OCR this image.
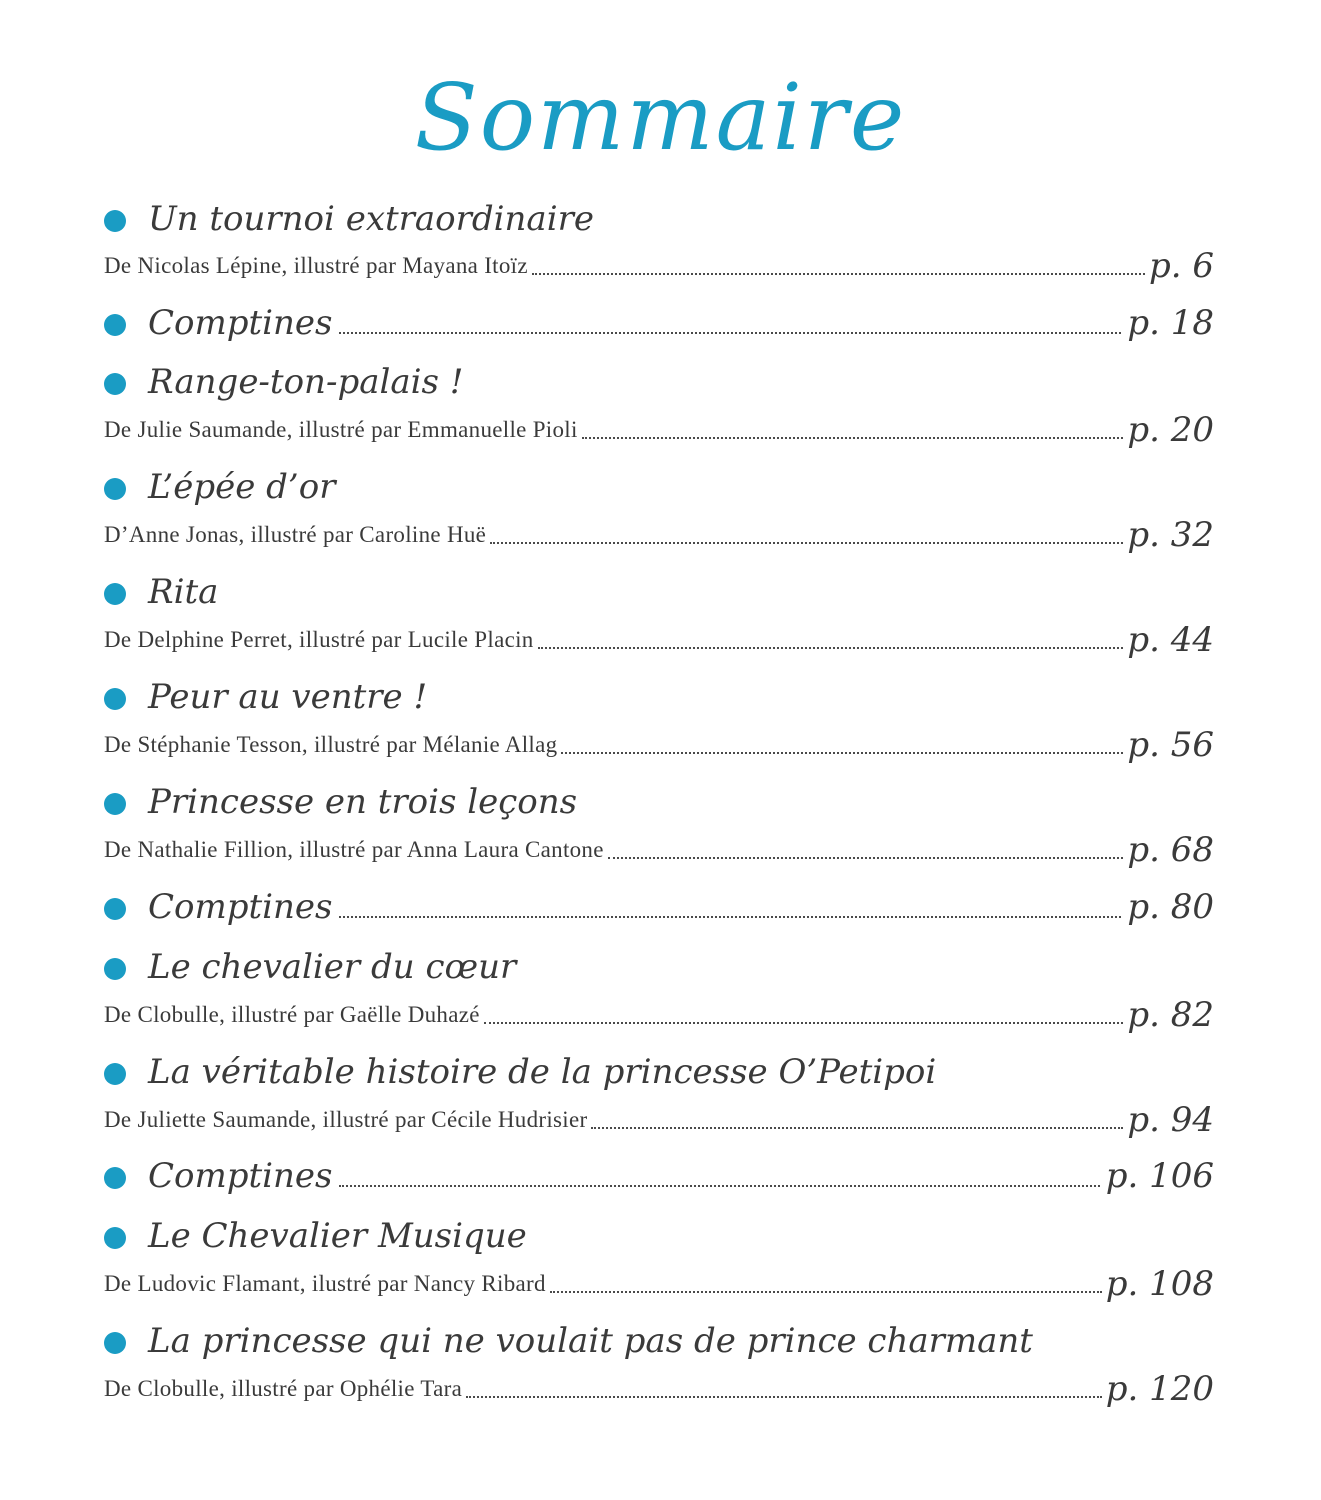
Sommaire
Un tournoi extraordinaire
De Nicolas Lépine, illustré par Mayana Itoïz	p. 6
Comptines	p. 18
Range-ton-palais !
De Julie Saumande, illustré par Emmanuelle Pioli	p. 20
L’épée d’or
D’Anne Jonas, illustré par Caroline Huë	p. 32
Rita
De Delphine Perret, illustré par Lucile Placin	p. 44
Peur au ventre !
De Stéphanie Tesson, illustré par Mélanie Allag	p. 56
Princesse en trois leçons
De Nathalie Fillion, illustré par Anna Laura Cantone	p. 68
Comptines	p. 80
Le chevalier du cœur
De Clobulle, illustré par Gaëlle Duhazé	p. 82
La véritable histoire de la princesse O’Petipoi
De Juliette Saumande, illustré par Cécile Hudrisier	p. 94
Comptines	p. 106
Le Chevalier Musique
De Ludovic Flamant, ilustré par Nancy Ribard	p. 108
La princesse qui ne voulait pas de prince charmant
De Clobulle, illustré par Ophélie Tara	p. 120
